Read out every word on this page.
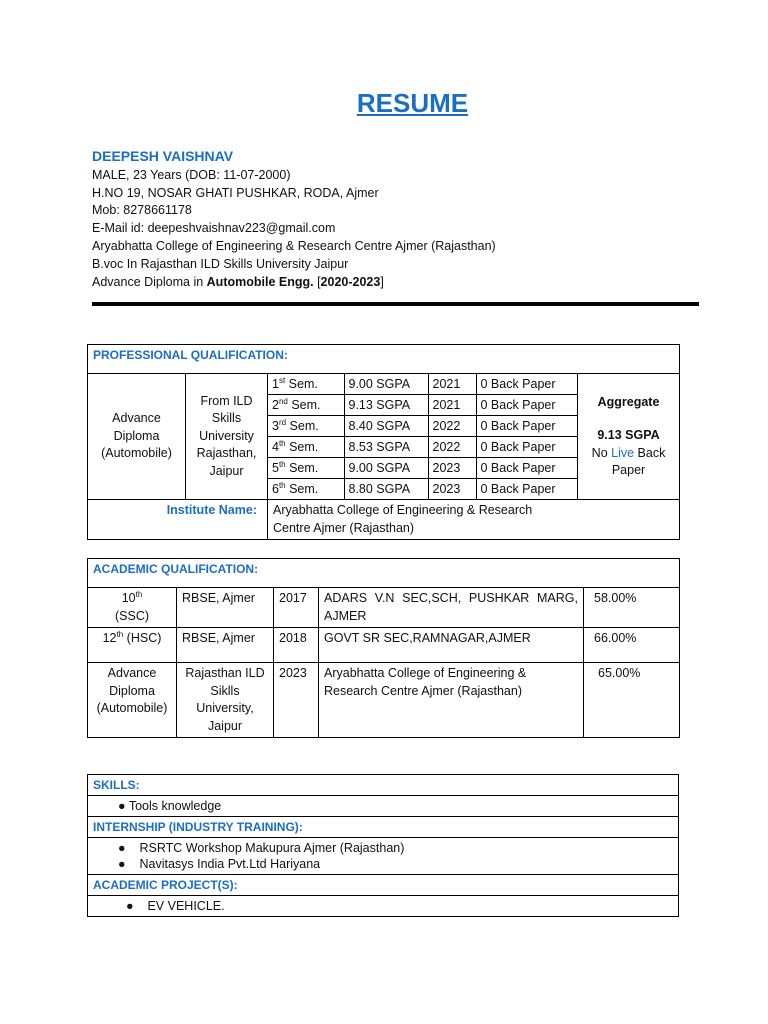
RESUME
DEEPESH VAISHNAV
MALE, 23 Years (DOB: 11-07-2000)
H.NO 19, NOSAR GHATI PUSHKAR, RODA, Ajmer
Mob: 8278661178
E-Mail id: deepeshvaishnav223@gmail.com
Aryabhatta College of Engineering & Research Centre Ajmer (Rajasthan)
B.voc In Rajasthan ILD Skills University Jaipur
Advance Diploma in Automobile Engg. [2020-2023]
PROFESSIONAL QUALIFICATION:
Advance Diploma (Automobile)	From ILD Skills University Rajasthan, Jaipur	
1st Sem.	9.00 SGPA	2021	0 Back Paper
2nd Sem.	9.13 SGPA	2021	0 Back Paper
3rd Sem.	8.40 SGPA	2022	0 Back Paper
4th Sem.	8.53 SGPA	2022	0 Back Paper
5th Sem.	9.00 SGPA	2023	0 Back Paper
6th Sem.	8.80 SGPA	2023	0 Back Paper

Aggregate
9.13 SGPA
No Live Back Paper

Institute Name:	Aryabhatta College of Engineering & Research Centre Ajmer (Rajasthan)
ACADEMIC QUALIFICATION:				
10th
(SSC)	RBSE, Ajmer	2017	ADARS V.N SEC,SCH, PUSHKAR MARG, AJMER	58.00%
12th (HSC)	RBSE, Ajmer	2018	GOVT SR SEC,RAMNAGAR,AJMER	66.00%
Advance Diploma (Automobile)	Rajasthan ILD Siklls University, Jaipur	2023	Aryabhatta College of Engineering & Research Centre Ajmer (Rajasthan)	65.00%
SKILLS:
● Tools knowledge
INTERNSHIP (INDUSTRY TRAINING):

● RSRTC Workshop Makupura Ajmer (Rajasthan)
● Navitasys India Pvt.Ltd Hariyana

ACADEMIC PROJECT(S):
● EV VEHICLE.
